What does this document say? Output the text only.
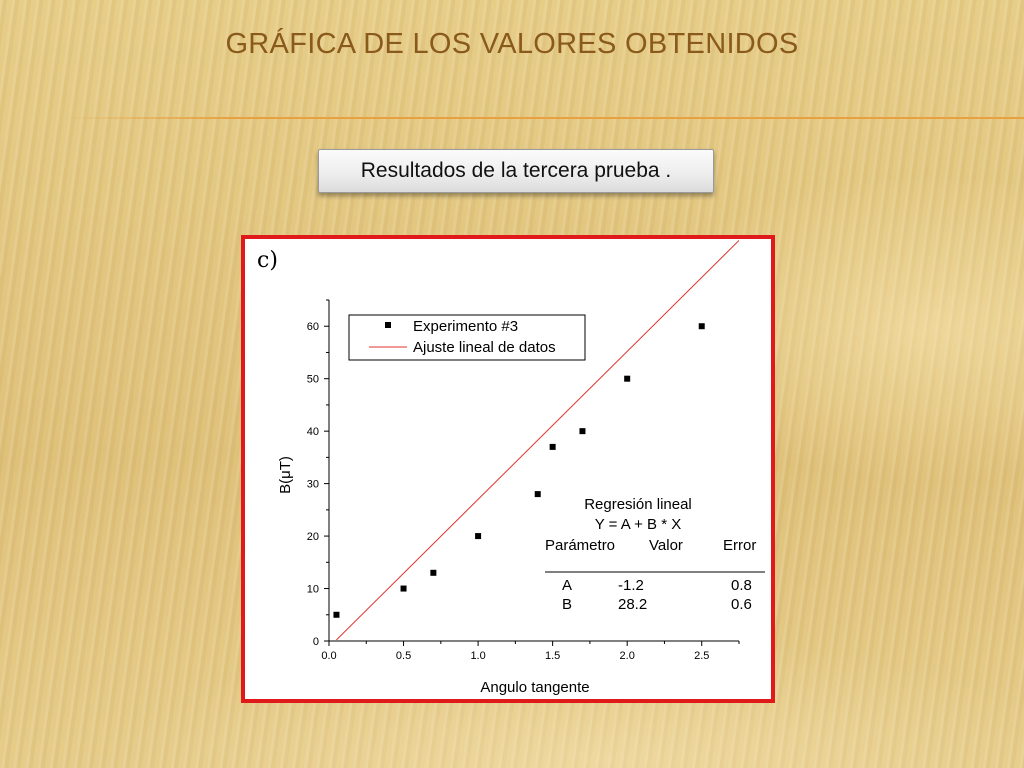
GRÁFICA DE LOS VALORES OBTENIDOS
Resultados de la tercera prueba .
c)
0.0	0.5	1.0	1.5	2.0	2.5
0
10
20
30
40
50
60
Angulo tangente
B(μT)
Experimento #3
Ajuste lineal de datos
Regresión lineal
Y = A + B * X
Parámetro Valor	Error
A	-1.2	0.8
B	28.2	0.6
